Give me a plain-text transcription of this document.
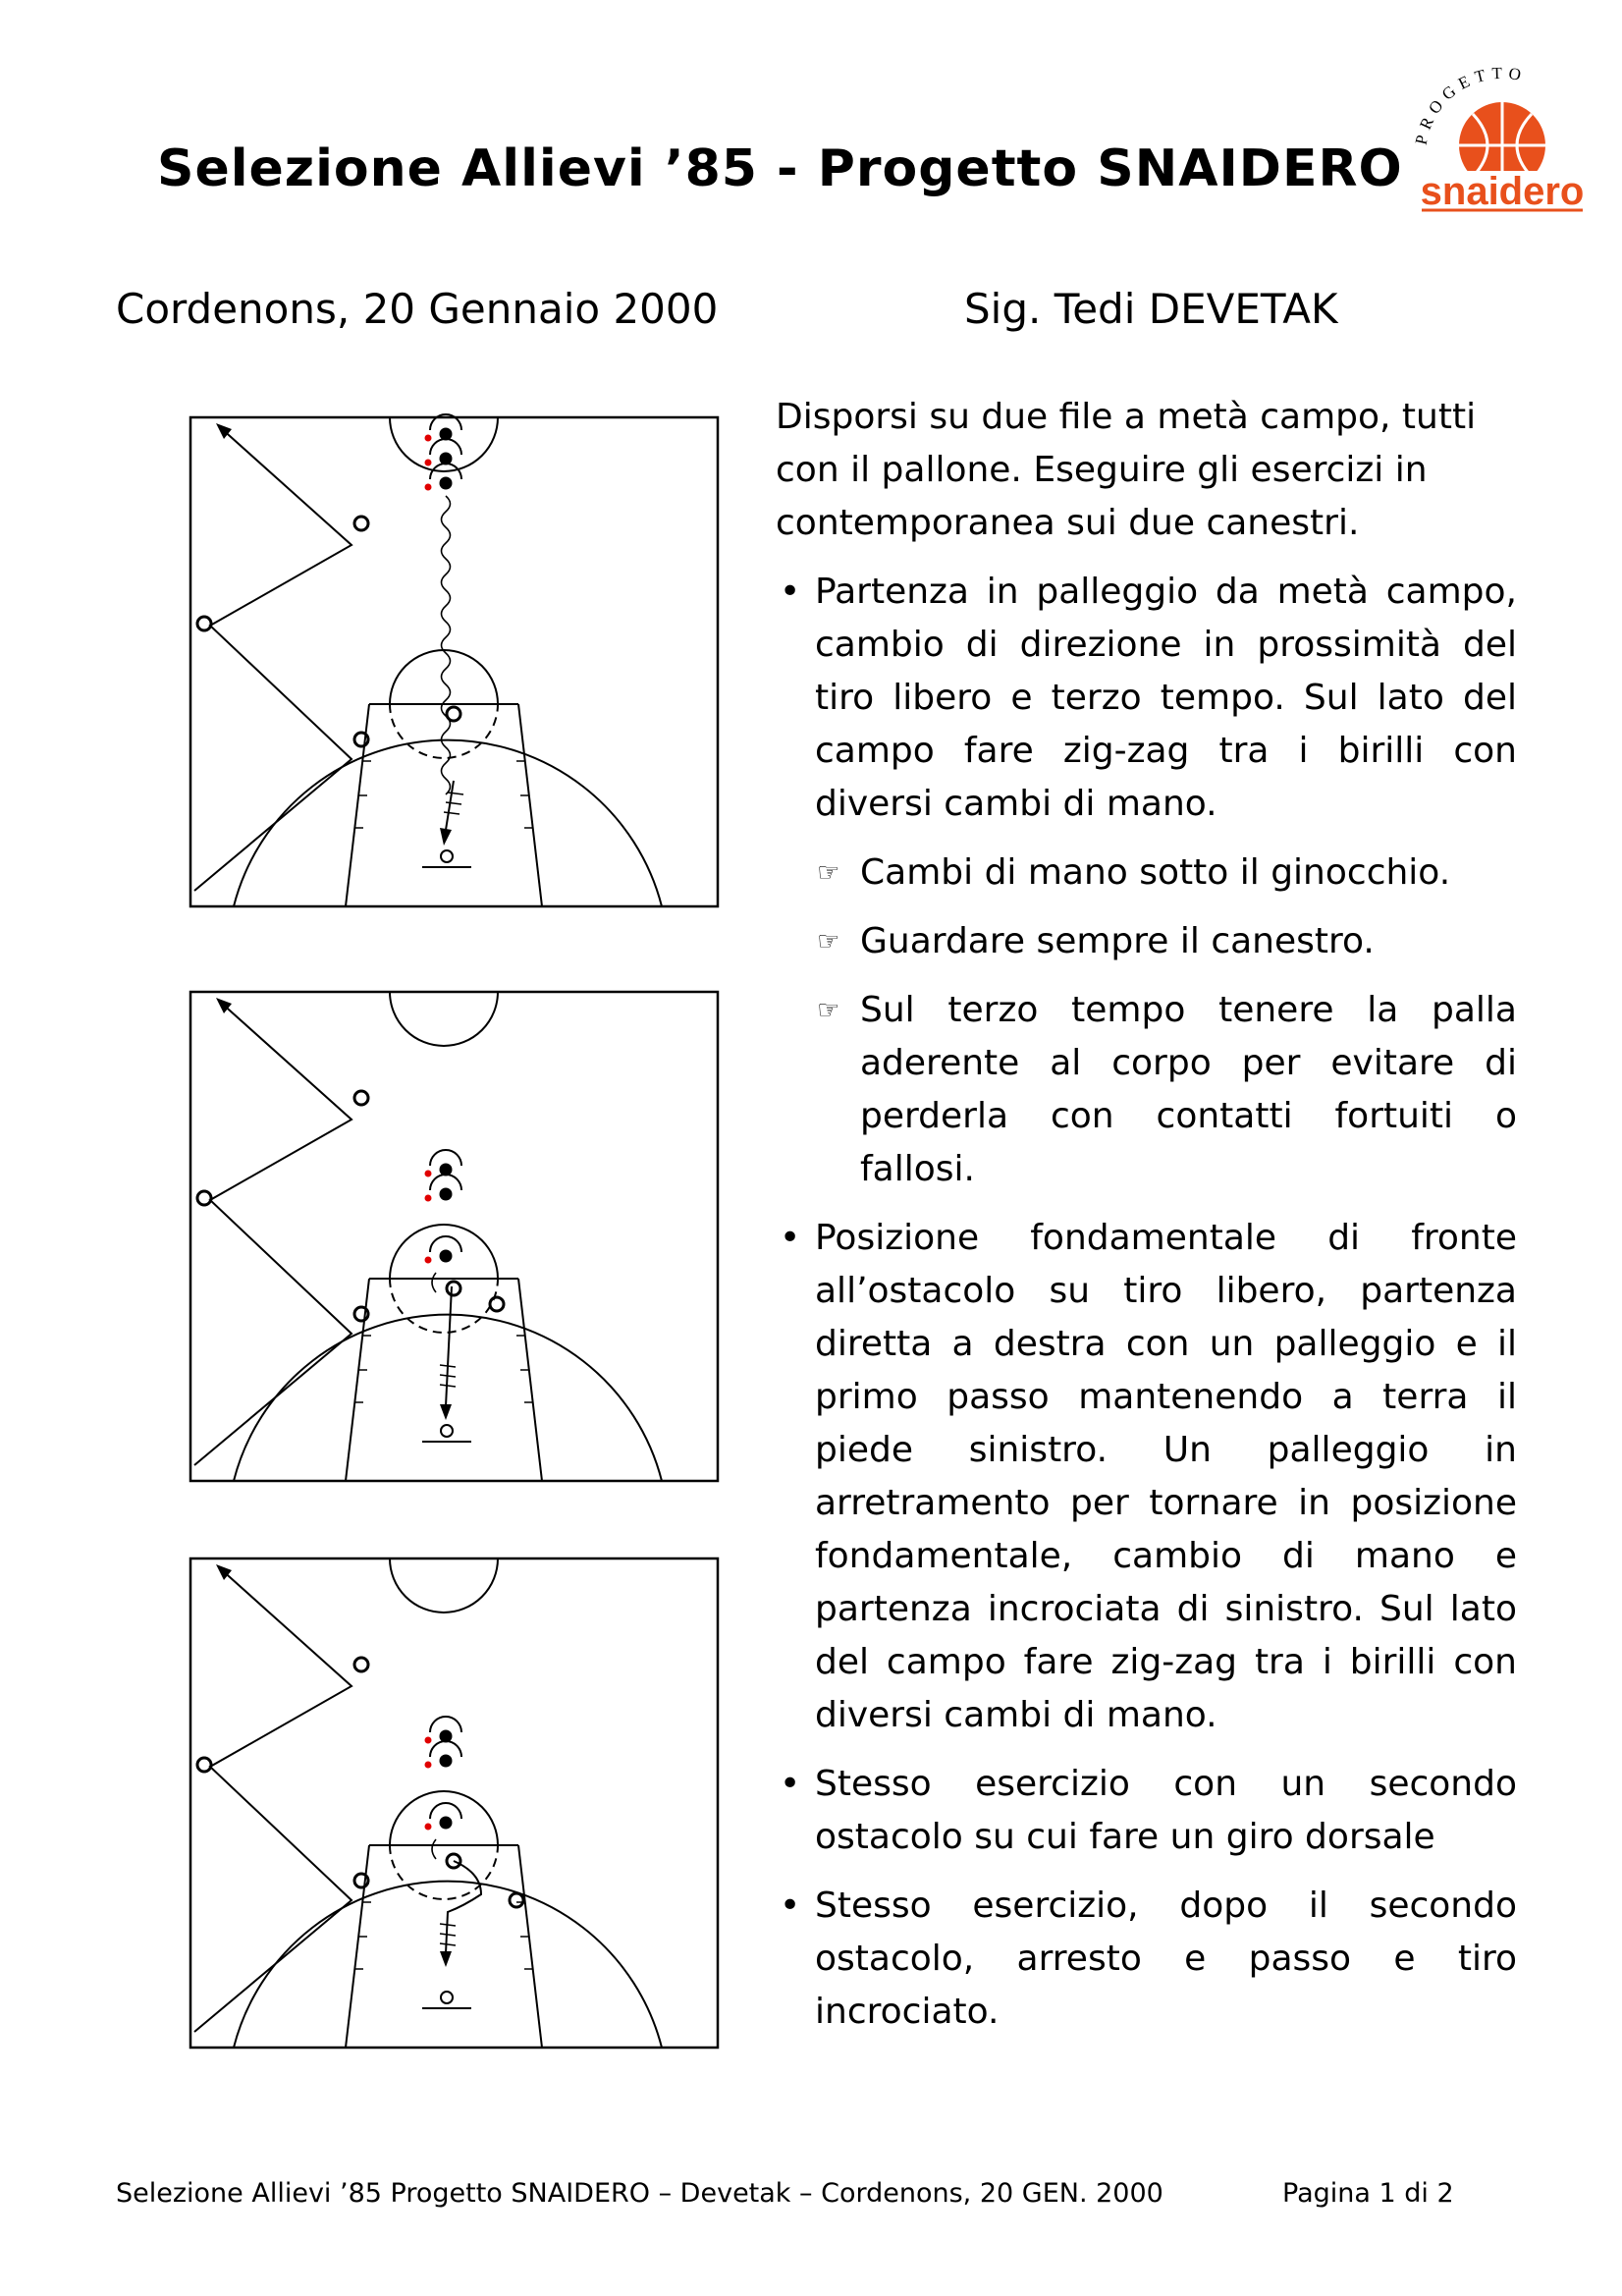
Selezione Allievi ’85 - Progetto SNAIDERO
PROGETTO
snaidero
Cordenons, 20 Gennaio 2000	Sig. Tedi DEVETAK

Disporsi su due file a metà campo, tutti con il pallone. Eseguire gli esercizi in contemporanea sui due canestri.

• Partenza in palleggio da metà campo, cambio di direzione in prossimità del tiro libero e terzo tempo. Sul lato del campo fare zig-zag tra i birilli con diversi cambi di mano.

☞ Cambi di mano sotto il ginocchio.

☞ Guardare sempre il canestro.

☞ Sul terzo tempo tenere la palla aderente al corpo per evitare di perderla con contatti fortuiti o fallosi.

• Posizione fondamentale di fronte all’ostacolo su tiro libero, partenza diretta a destra con un palleggio e il primo passo mantenendo a terra il piede sinistro. Un palleggio in arretramento per tornare in posizione fondamentale, cambio di mano e partenza incrociata di sinistro. Sul lato del campo fare zig-zag tra i birilli con diversi cambi di mano.

• Stesso esercizio con un secondo ostacolo su cui fare un giro dorsale

• Stesso esercizio, dopo il secondo ostacolo, arresto e passo e tiro incrociato.

Selezione Allievi ’85 Progetto SNAIDERO – Devetak – Cordenons, 20 GEN. 2000	Pagina 1 di 2
